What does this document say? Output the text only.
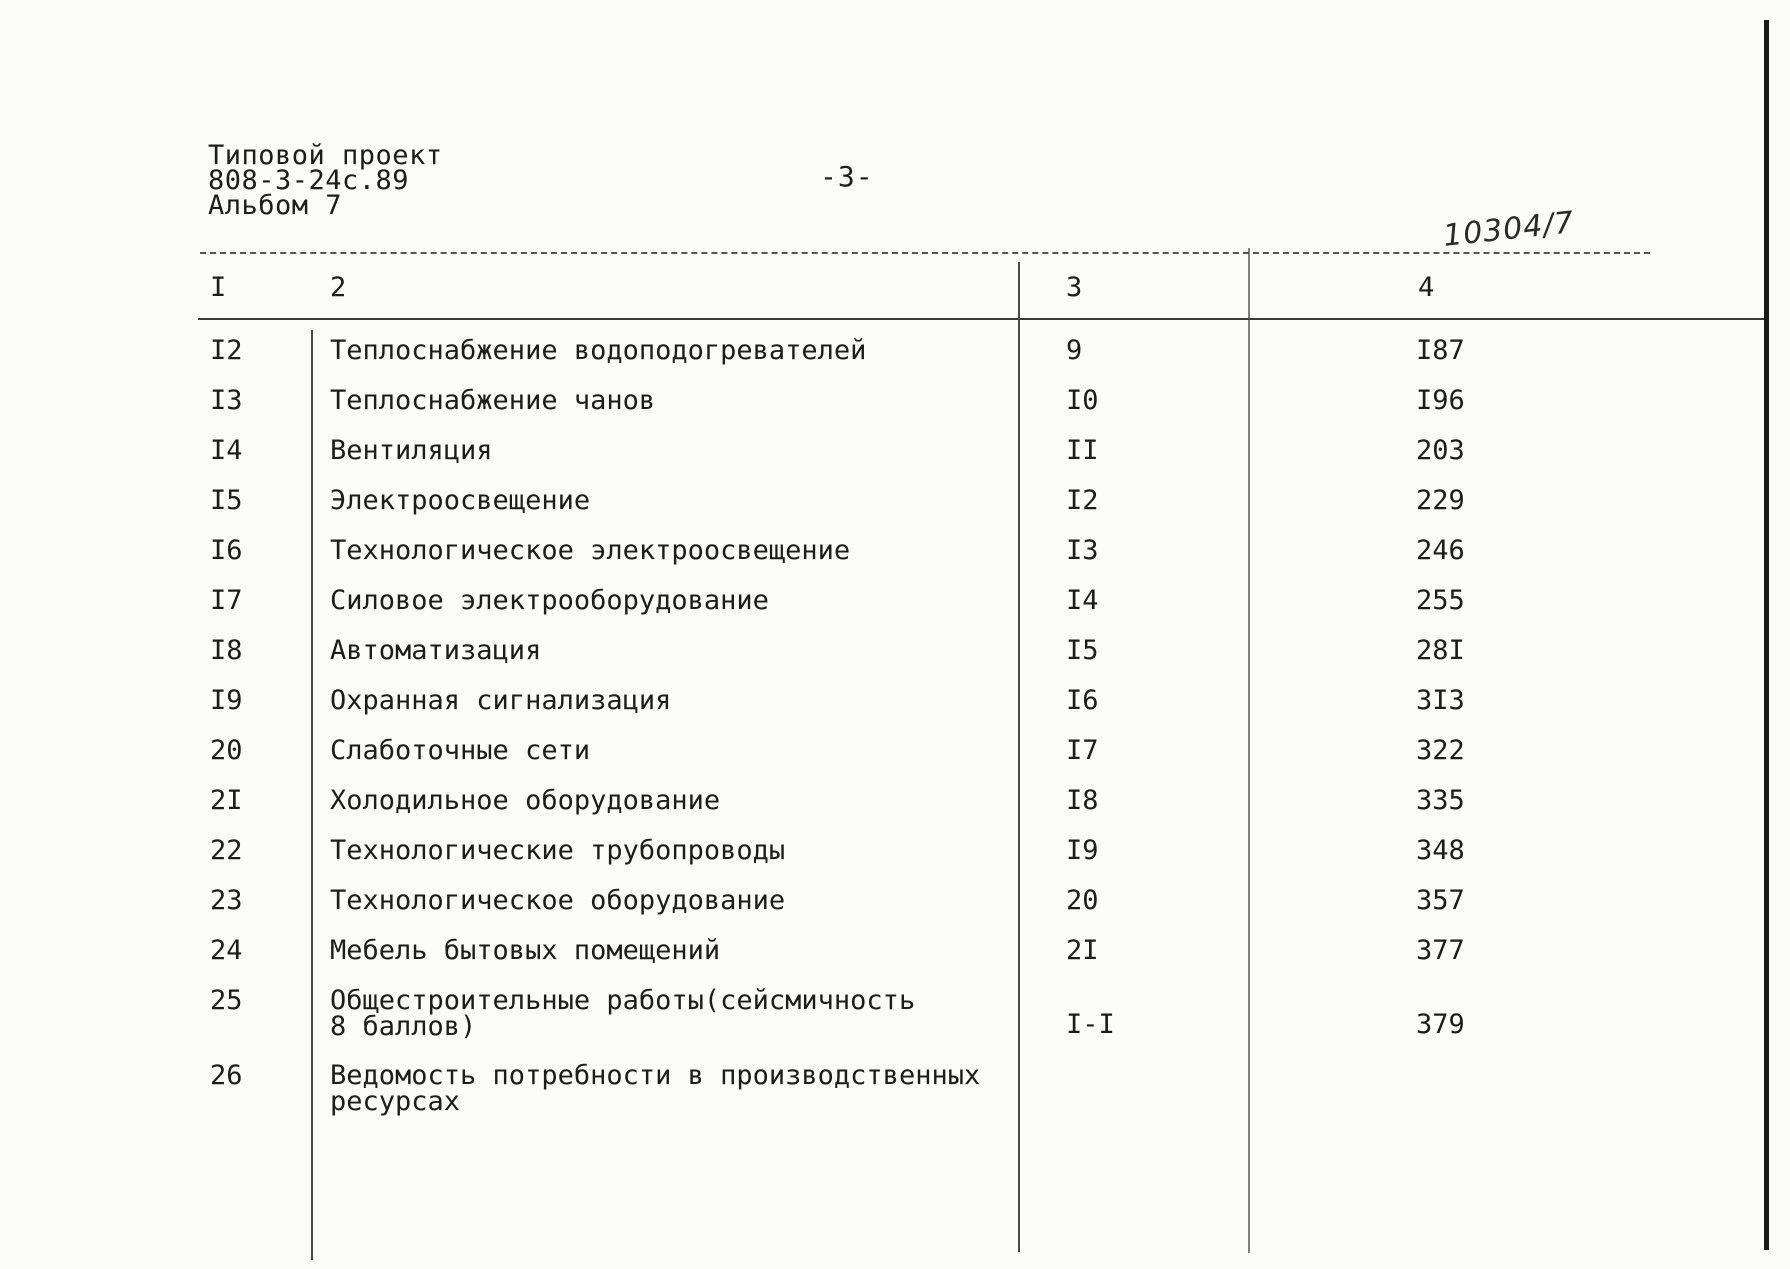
Типовой проект
808-3-24с.89
Альбом 7
-3-
10304/7
I	2	3	4
I2	Теплоснабжение водоподогревателей	9	I87
I3	Теплоснабжение чанов	I0	I96
I4	Вентиляция	II	203
I5	Электроосвещение	I2	229
I6	Технологическое электроосвещение	I3	246
I7	Силовое электрооборудование	I4	255
I8	Автоматизация	I5	28I
I9	Охранная сигнализация	I6	3I3
20	Слаботочные сети	I7	322
2I	Холодильное оборудование	I8	335
22	Технологические трубопроводы	I9	348
23	Технологическое оборудование	20	357
24	Мебель бытовых помещений	2I	377
25	Общестроительные работы(сейсмичность
8 баллов)	I-I	379
26	Ведомость потребности в производственных
ресурсах
